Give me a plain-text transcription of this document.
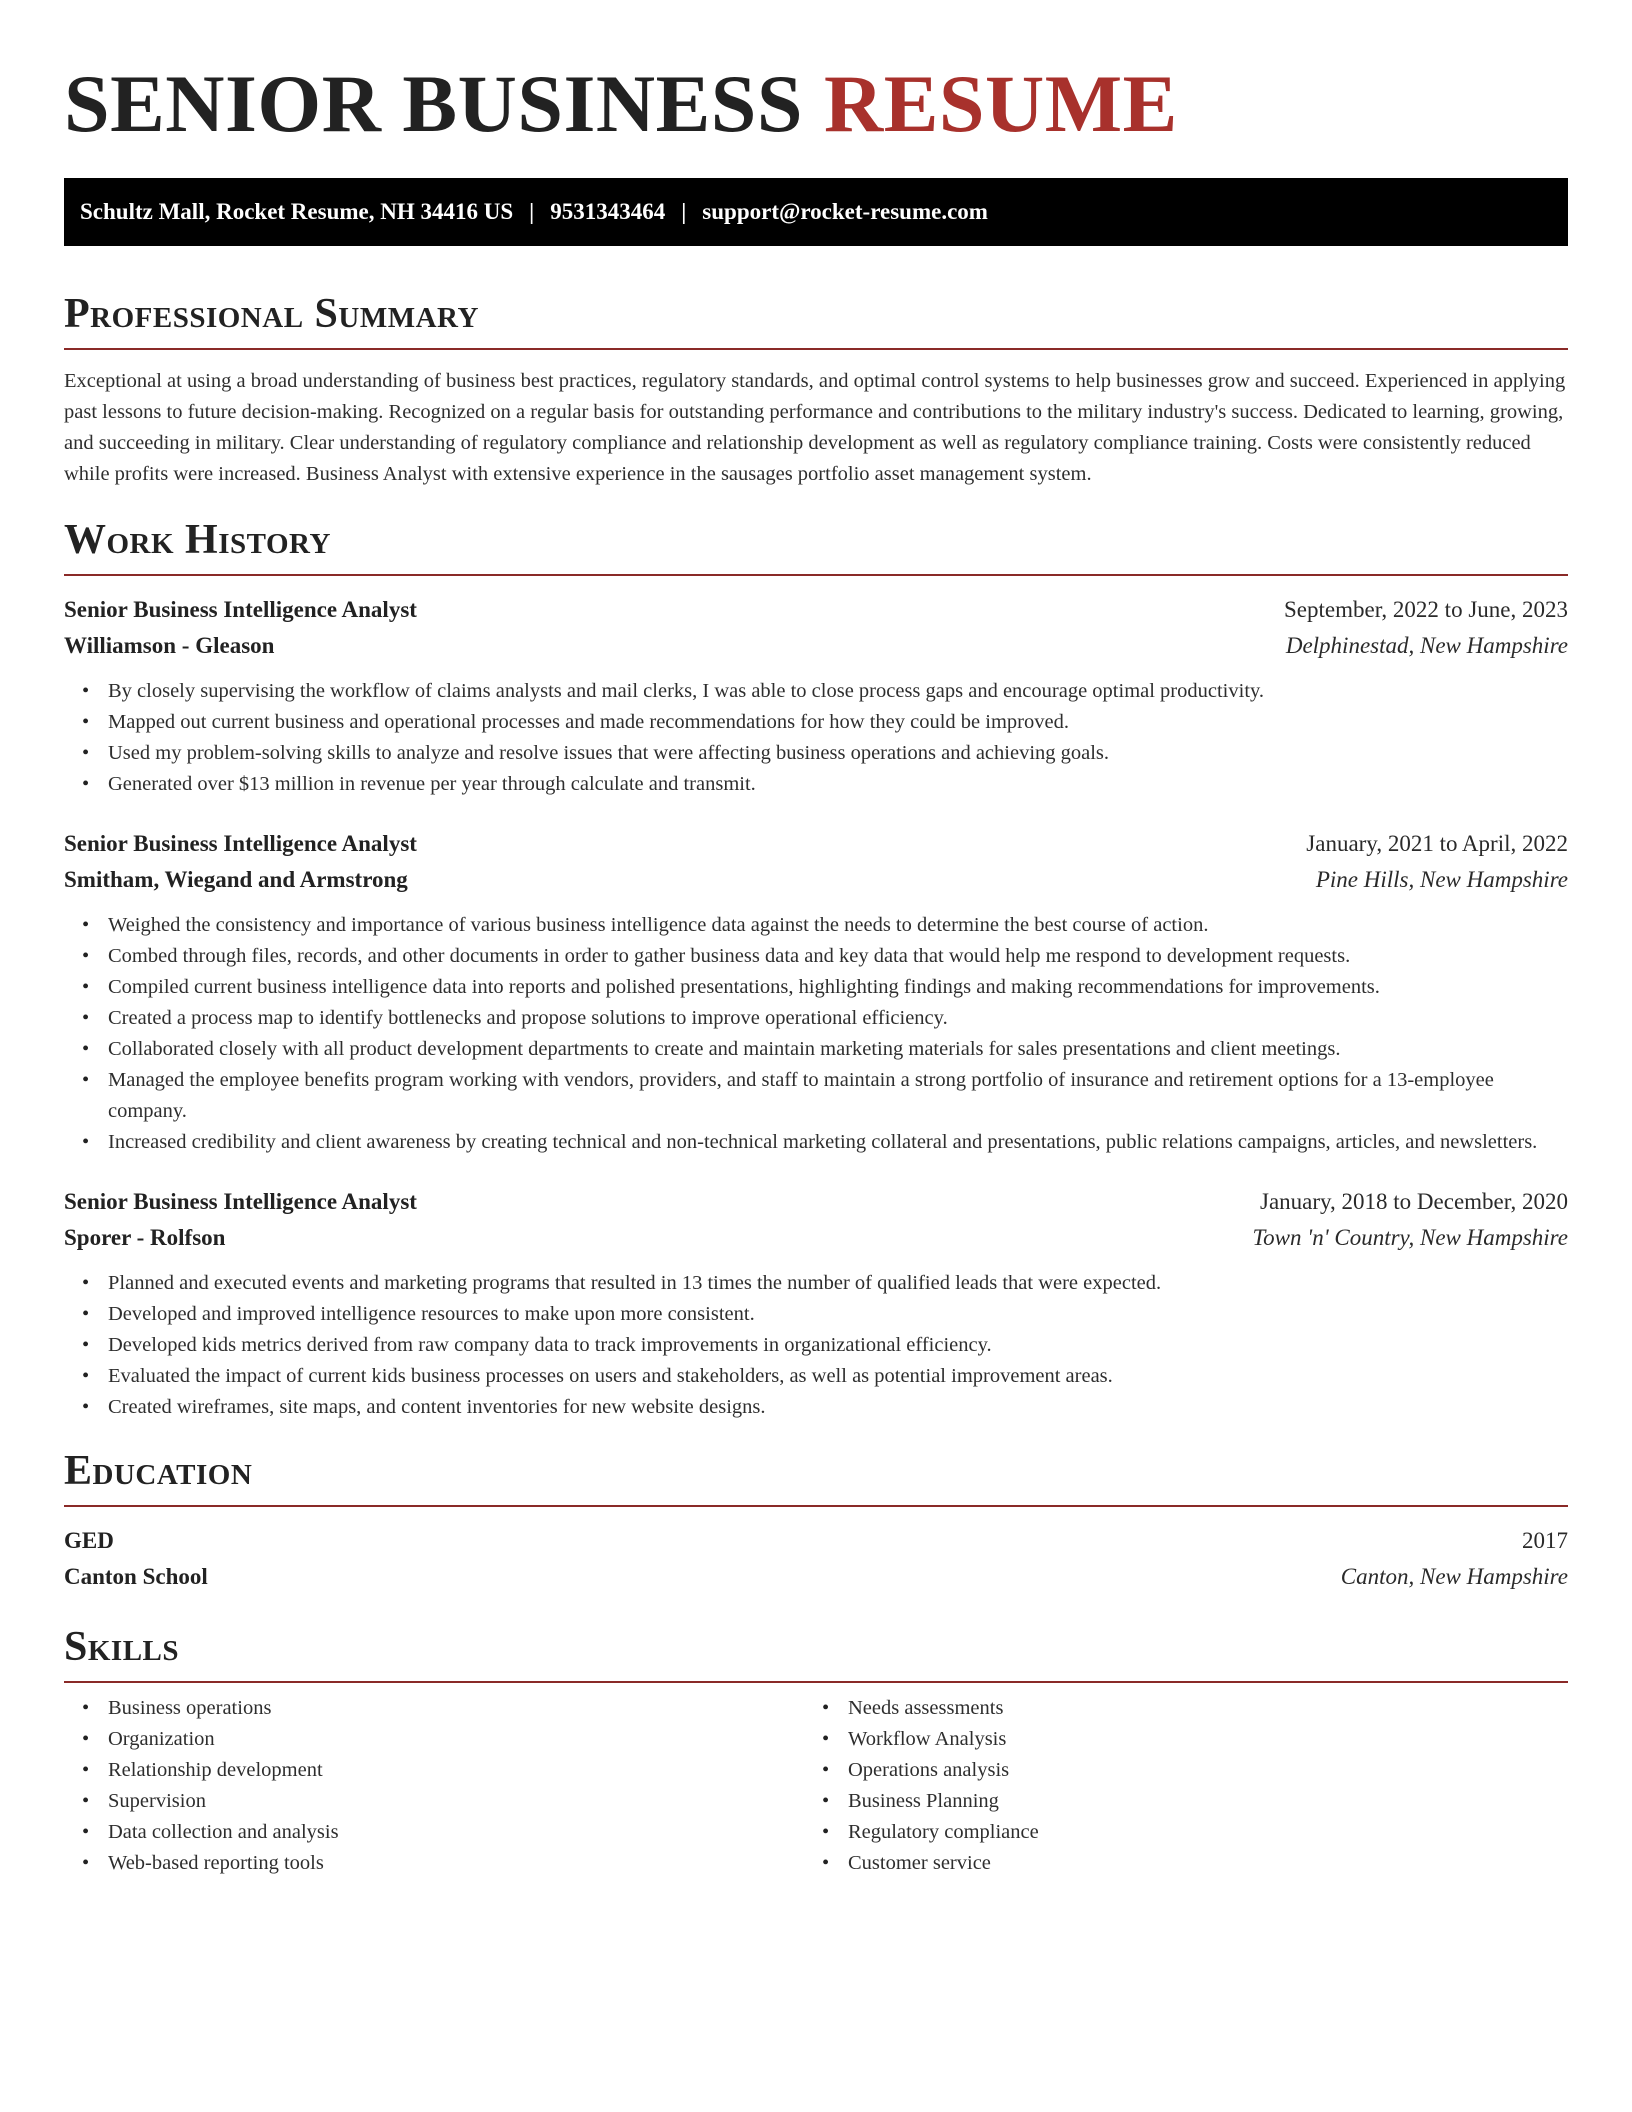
SENIOR BUSINESS RESUME
Schultz Mall, Rocket Resume, NH 34416 US | 9531343464 | support@rocket-resume.com
Professional Summary

Exceptional at using a broad understanding of business best practices, regulatory standards, and optimal control systems to help businesses grow and succeed. Experienced in applying past lessons to future decision-making. Recognized on a regular basis for outstanding performance and contributions to the military industry's success. Dedicated to learning, growing, and succeeding in military. Clear understanding of regulatory compliance and relationship development as well as regulatory compliance training. Costs were consistently reduced while profits were increased. Business Analyst with extensive experience in the sausages portfolio asset management system.

Work History
Senior Business Intelligence Analyst	September, 2022 to June, 2023
Williamson - Gleason	Delphinestad, New Hampshire
• By closely supervising the workflow of claims analysts and mail clerks, I was able to close process gaps and encourage optimal productivity.
• Mapped out current business and operational processes and made recommendations for how they could be improved.
• Used my problem-solving skills to analyze and resolve issues that were affecting business operations and achieving goals.
• Generated over $13 million in revenue per year through calculate and transmit.
Senior Business Intelligence Analyst	January, 2021 to April, 2022
Smitham, Wiegand and Armstrong	Pine Hills, New Hampshire
• Weighed the consistency and importance of various business intelligence data against the needs to determine the best course of action.
• Combed through files, records, and other documents in order to gather business data and key data that would help me respond to development requests.
• Compiled current business intelligence data into reports and polished presentations, highlighting findings and making recommendations for improvements.
• Created a process map to identify bottlenecks and propose solutions to improve operational efficiency.
• Collaborated closely with all product development departments to create and maintain marketing materials for sales presentations and client meetings.
• Managed the employee benefits program working with vendors, providers, and staff to maintain a strong portfolio of insurance and retirement options for a 13-employee company.
• Increased credibility and client awareness by creating technical and non-technical marketing collateral and presentations, public relations campaigns, articles, and newsletters.
Senior Business Intelligence Analyst	January, 2018 to December, 2020
Sporer - Rolfson	Town 'n' Country, New Hampshire
• Planned and executed events and marketing programs that resulted in 13 times the number of qualified leads that were expected.
• Developed and improved intelligence resources to make upon more consistent.
• Developed kids metrics derived from raw company data to track improvements in organizational efficiency.
• Evaluated the impact of current kids business processes on users and stakeholders, as well as potential improvement areas.
• Created wireframes, site maps, and content inventories for new website designs.
Education
GED	2017
Canton School	Canton, New Hampshire
Skills
• Business operations
• Organization
• Relationship development
• Supervision
• Data collection and analysis
• Web-based reporting tools
• Needs assessments
• Workflow Analysis
• Operations analysis
• Business Planning
• Regulatory compliance
• Customer service
